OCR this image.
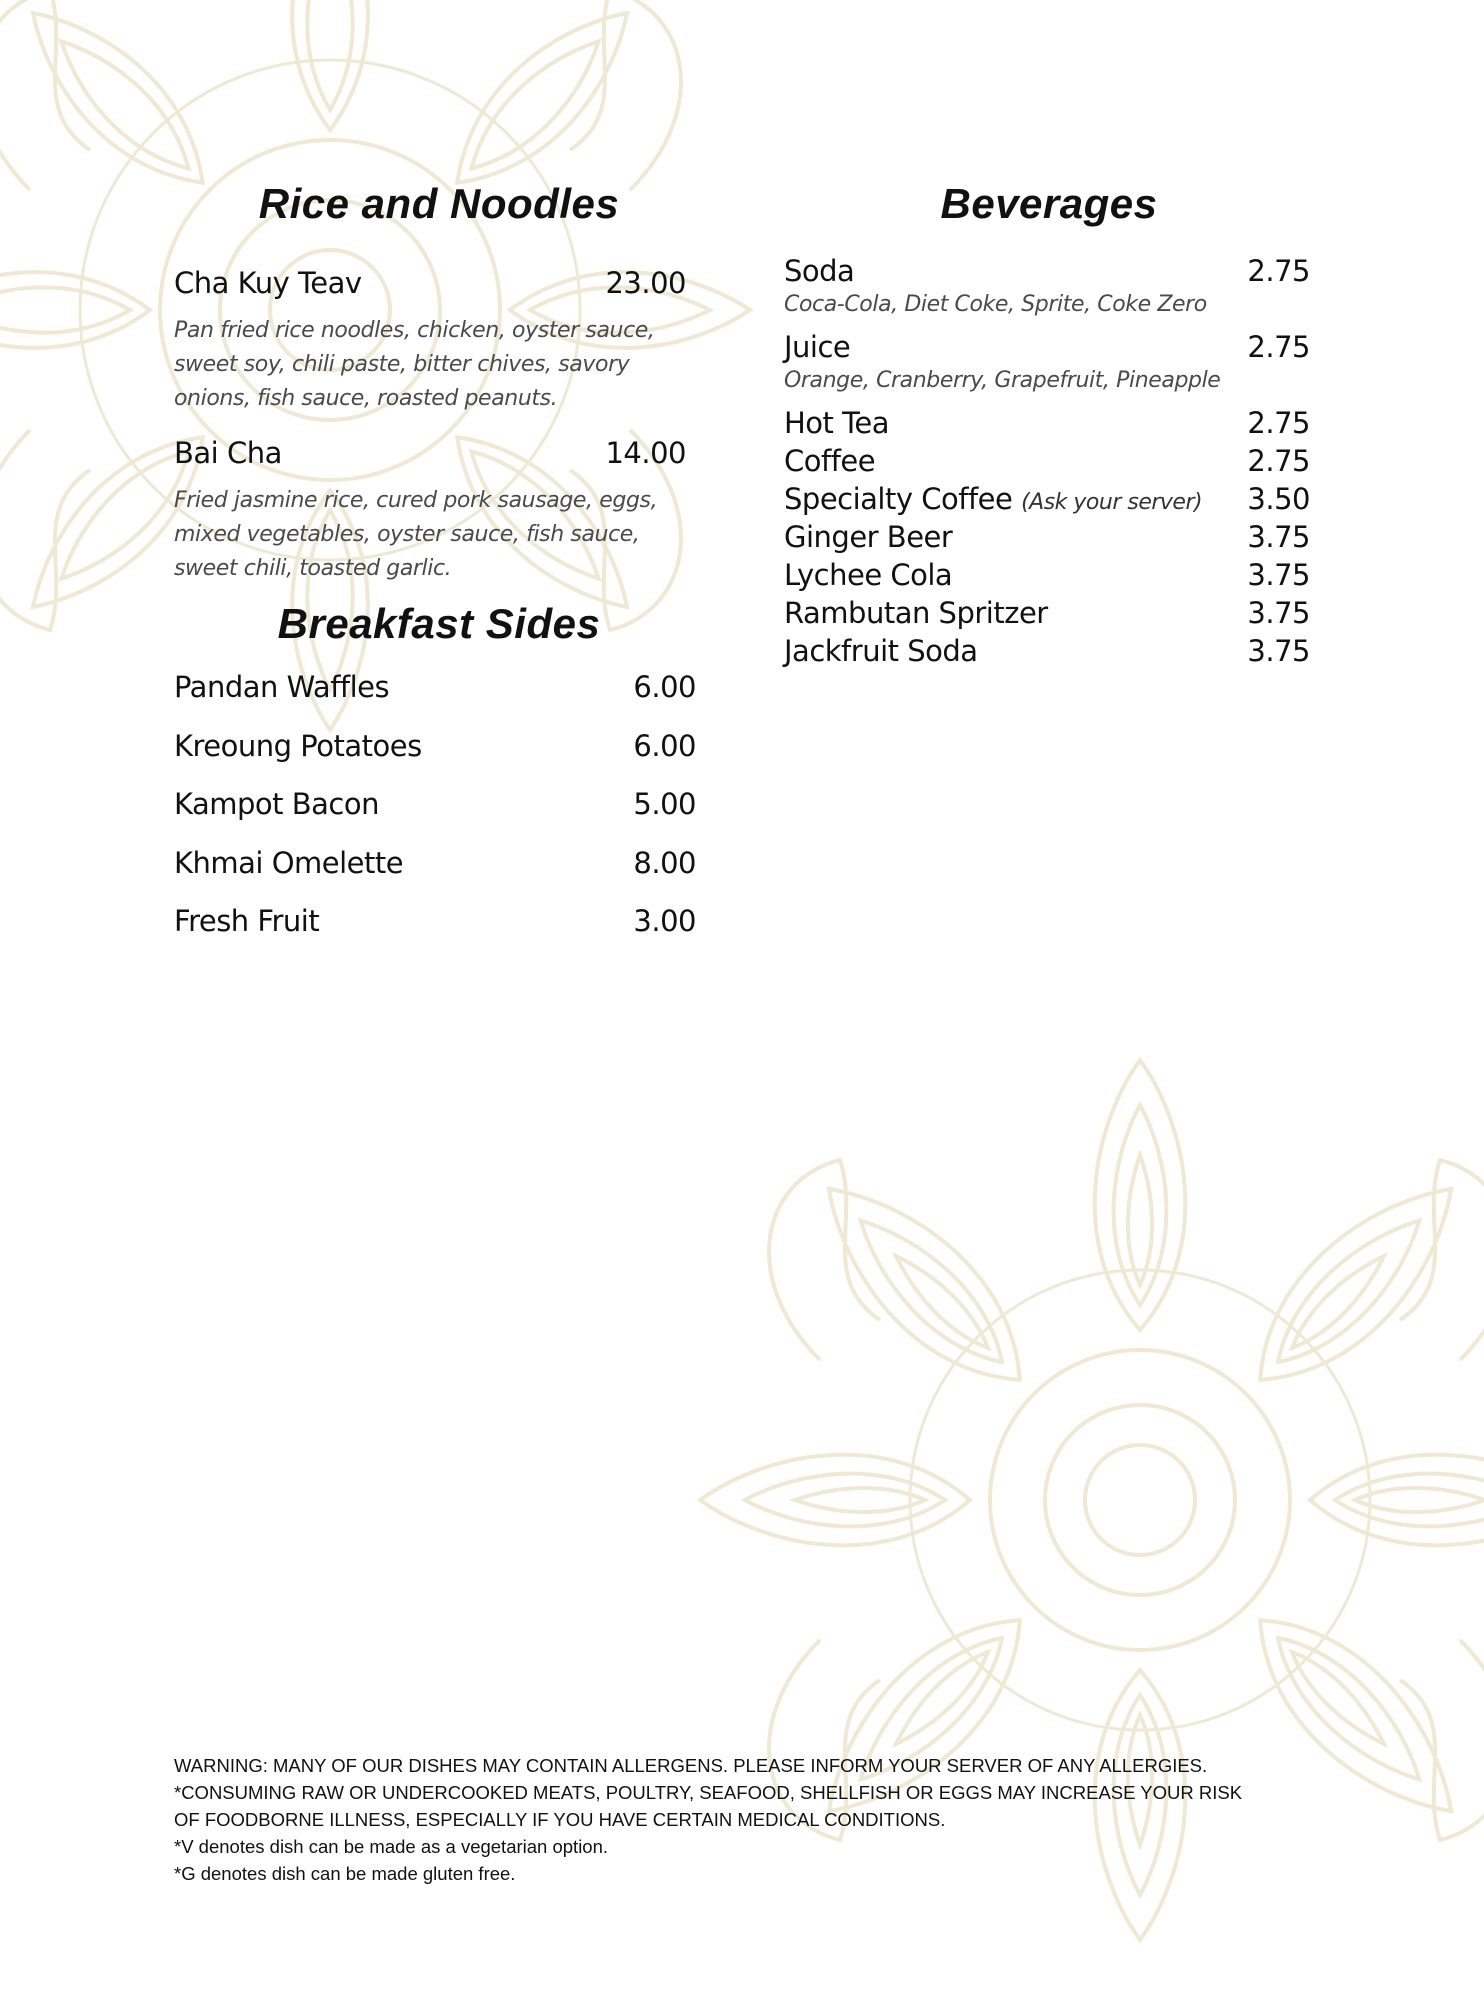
Rice and Noodles
Cha Kuy Teav	23.00
Pan fried rice noodles, chicken, oyster sauce,
sweet soy, chili paste, bitter chives, savory
onions, fish sauce, roasted peanuts.
Bai Cha	14.00
Fried jasmine rice, cured pork sausage, eggs,
mixed vegetables, oyster sauce, fish sauce,
sweet chili, toasted garlic.
Breakfast Sides
Pandan Waffles	6.00
Kreoung Potatoes	6.00
Kampot Bacon	5.00
Khmai Omelette	8.00
Fresh Fruit	3.00
Beverages
Soda	2.75
Coca-Cola, Diet Coke, Sprite, Coke Zero
Juice	2.75
Orange, Cranberry, Grapefruit, Pineapple
Hot Tea	2.75
Coffee	2.75
Specialty Coffee (Ask your server) 3.50
Ginger Beer	3.75
Lychee Cola	3.75
Rambutan Spritzer	3.75
Jackfruit Soda	3.75
WARNING: MANY OF OUR DISHES MAY CONTAIN ALLERGENS. PLEASE INFORM YOUR SERVER OF ANY ALLERGIES.
*CONSUMING RAW OR UNDERCOOKED MEATS, POULTRY, SEAFOOD, SHELLFISH OR EGGS MAY INCREASE YOUR RISK
OF FOODBORNE ILLNESS, ESPECIALLY IF YOU HAVE CERTAIN MEDICAL CONDITIONS.
*V denotes dish can be made as a vegetarian option.
*G denotes dish can be made gluten free.
